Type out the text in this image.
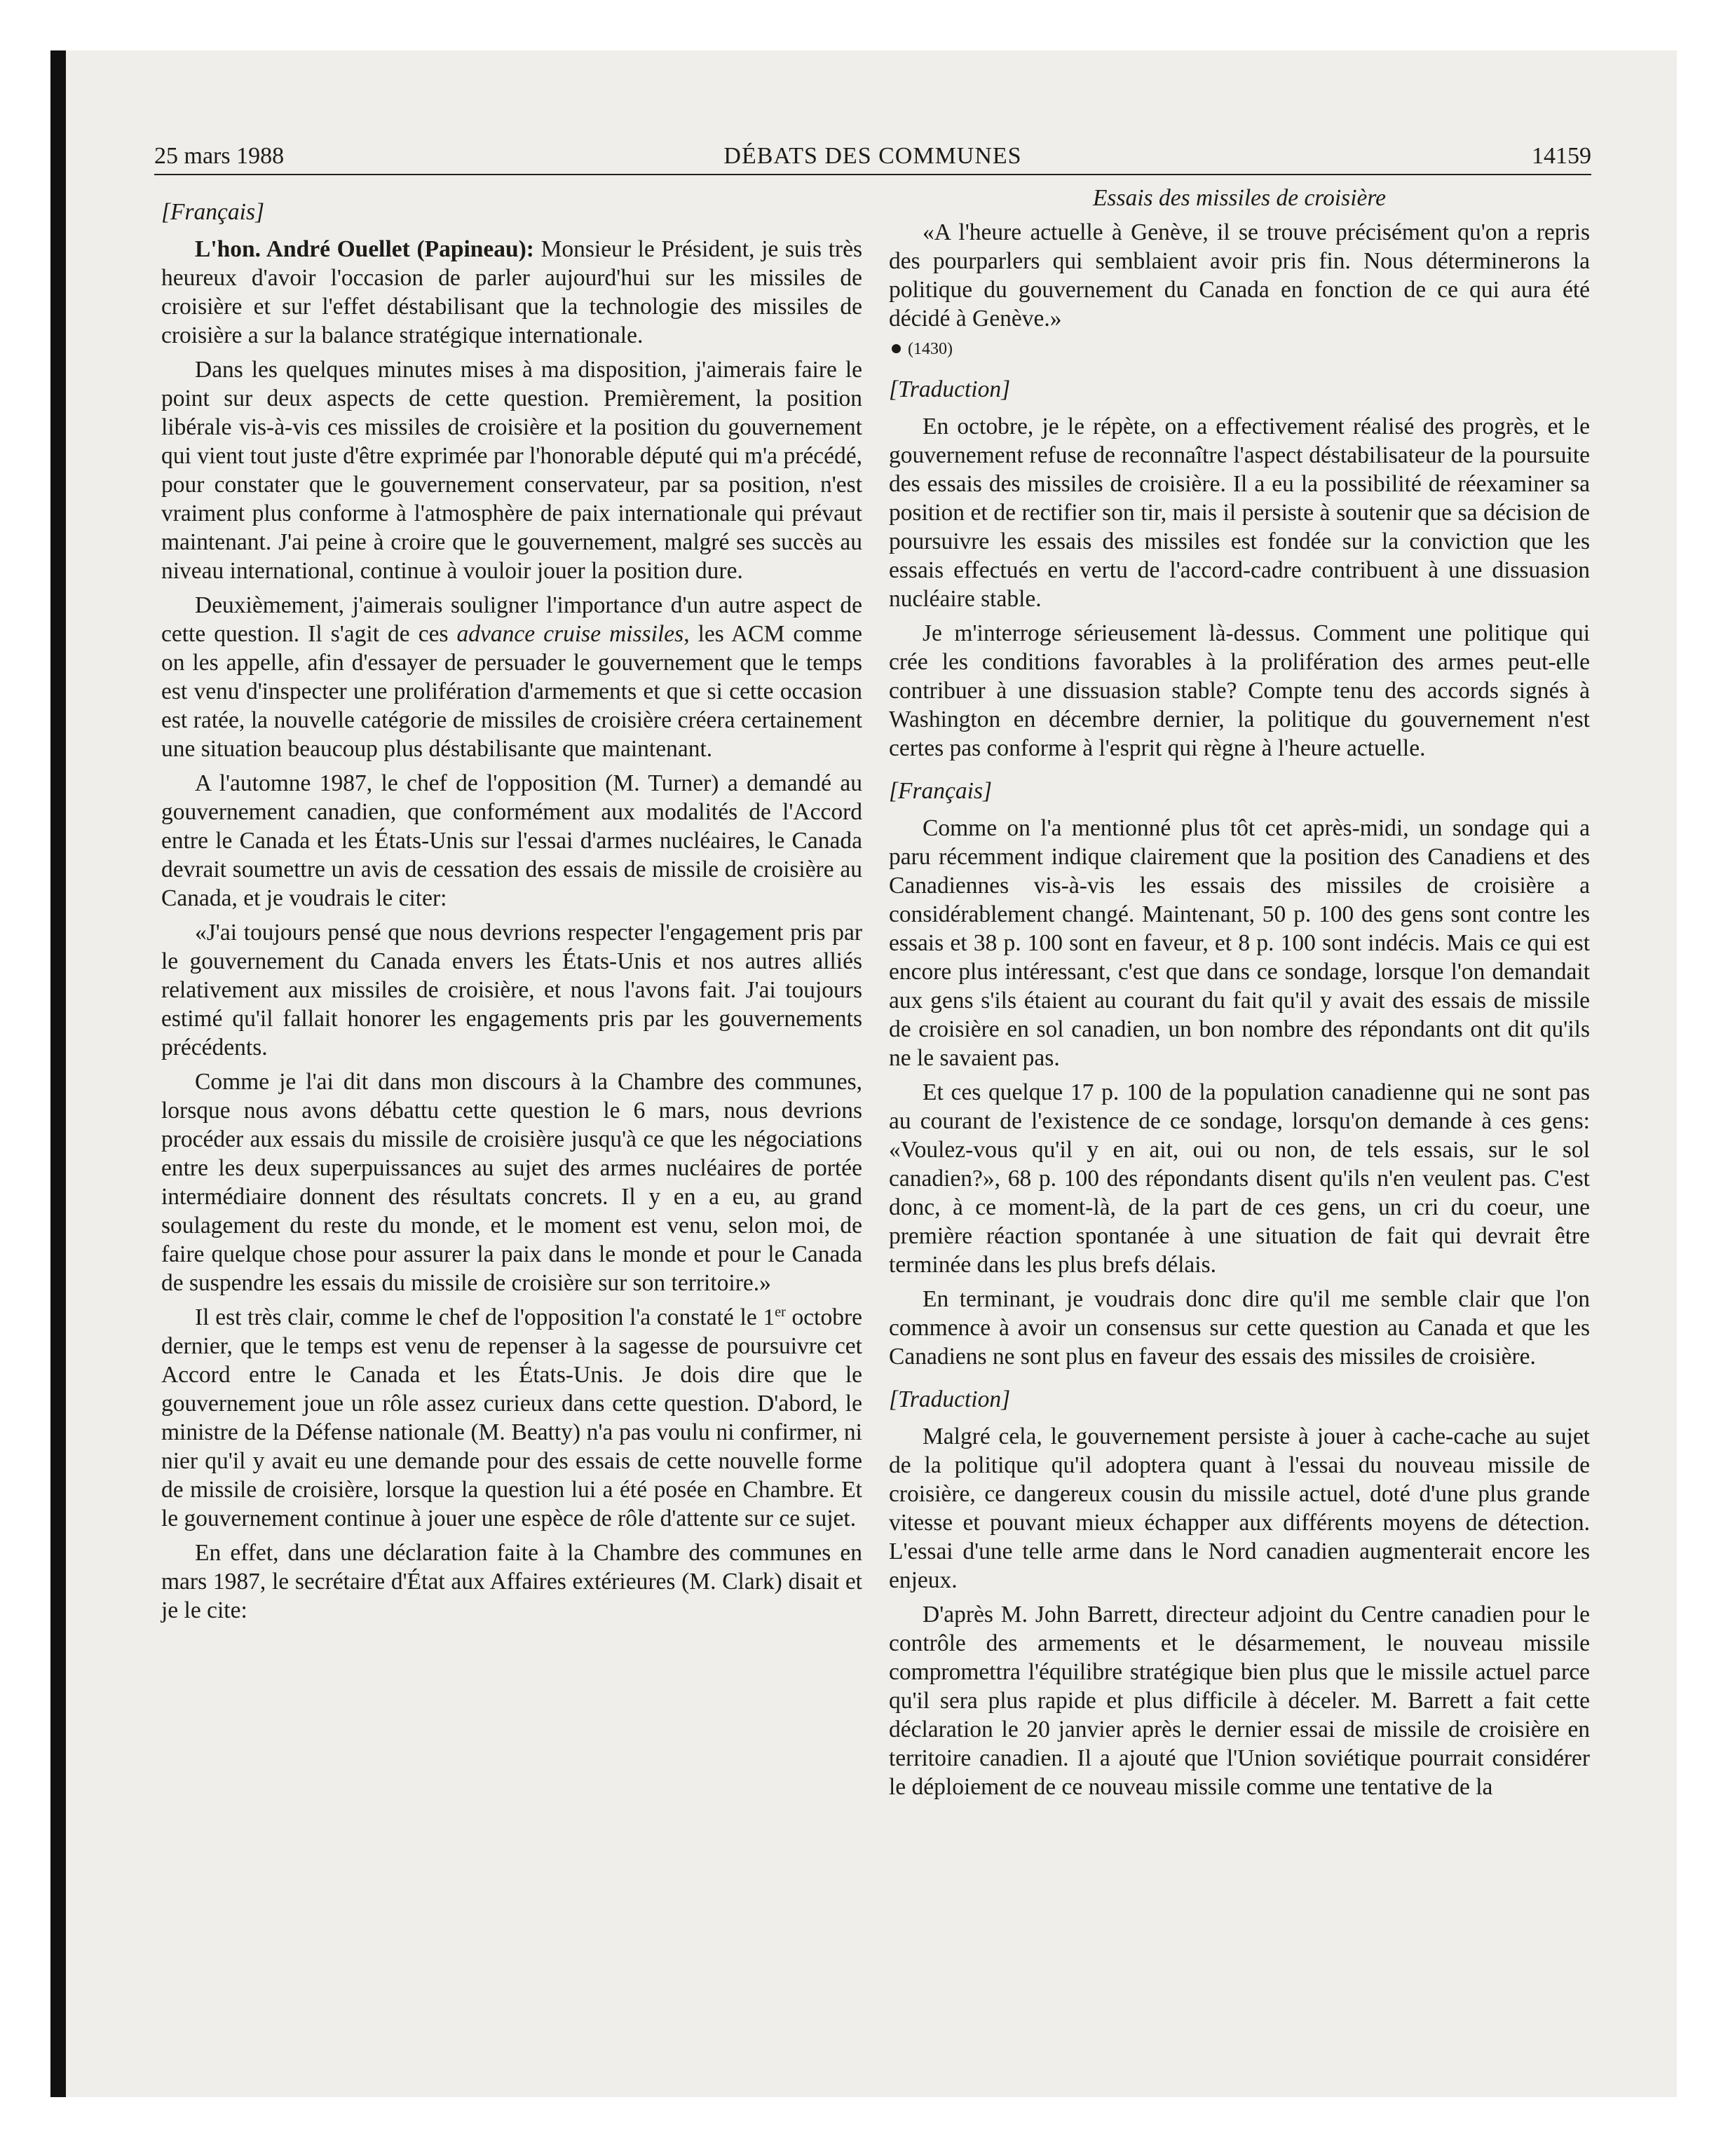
25 mars 1988	DÉBATS DES COMMUNES	14159

[Français]

L'hon. André Ouellet (Papineau): Monsieur le Président, je suis très heureux d'avoir l'occasion de parler aujourd'hui sur les missiles de croisière et sur l'effet déstabilisant que la technologie des missiles de croisière a sur la balance stratégique internationale.

Dans les quelques minutes mises à ma disposition, j'aimerais faire le point sur deux aspects de cette question. Premièrement, la position libérale vis-à-vis ces missiles de croisière et la position du gouvernement qui vient tout juste d'être exprimée par l'honorable député qui m'a précédé, pour constater que le gouvernement conservateur, par sa position, n'est vraiment plus conforme à l'atmosphère de paix internationale qui prévaut maintenant. J'ai peine à croire que le gouvernement, malgré ses succès au niveau international, continue à vouloir jouer la position dure.

Deuxièmement, j'aimerais souligner l'importance d'un autre aspect de cette question. Il s'agit de ces advance cruise missiles, les ACM comme on les appelle, afin d'essayer de persuader le gouvernement que le temps est venu d'inspecter une prolifération d'armements et que si cette occasion est ratée, la nouvelle catégorie de missiles de croisière créera certainement une situation beaucoup plus déstabilisante que maintenant.

A l'automne 1987, le chef de l'opposition (M. Turner) a demandé au gouvernement canadien, que conformément aux modalités de l'Accord entre le Canada et les États-Unis sur l'essai d'armes nucléaires, le Canada devrait soumettre un avis de cessation des essais de missile de croisière au Canada, et je voudrais le citer:

«J'ai toujours pensé que nous devrions respecter l'engagement pris par le gouvernement du Canada envers les États-Unis et nos autres alliés relativement aux missiles de croisière, et nous l'avons fait. J'ai toujours estimé qu'il fallait honorer les engagements pris par les gouvernements précédents.

Comme je l'ai dit dans mon discours à la Chambre des communes, lorsque nous avons débattu cette question le 6 mars, nous devrions procéder aux essais du missile de croisière jusqu'à ce que les négociations entre les deux superpuissances au sujet des armes nucléaires de portée intermédiaire donnent des résultats concrets. Il y en a eu, au grand soulagement du reste du monde, et le moment est venu, selon moi, de faire quelque chose pour assurer la paix dans le monde et pour le Canada de suspendre les essais du missile de croisière sur son territoire.»

Il est très clair, comme le chef de l'opposition l'a constaté le 1er octobre dernier, que le temps est venu de repenser à la sagesse de poursuivre cet Accord entre le Canada et les États-Unis. Je dois dire que le gouvernement joue un rôle assez curieux dans cette question. D'abord, le ministre de la Défense nationale (M. Beatty) n'a pas voulu ni confirmer, ni nier qu'il y avait eu une demande pour des essais de cette nouvelle forme de missile de croisière, lorsque la question lui a été posée en Chambre. Et le gouvernement continue à jouer une espèce de rôle d'attente sur ce sujet.

En effet, dans une déclaration faite à la Chambre des communes en mars 1987, le secrétaire d'État aux Affaires extérieures (M. Clark) disait et je le cite:

Essais des missiles de croisière

«A l'heure actuelle à Genève, il se trouve précisément qu'on a repris des pourparlers qui semblaient avoir pris fin. Nous déterminerons la politique du gouvernement du Canada en fonction de ce qui aura été décidé à Genève.»

(1430)

[Traduction]

En octobre, je le répète, on a effectivement réalisé des progrès, et le gouvernement refuse de reconnaître l'aspect déstabilisateur de la poursuite des essais des missiles de croisière. Il a eu la possibilité de réexaminer sa position et de rectifier son tir, mais il persiste à soutenir que sa décision de poursuivre les essais des missiles est fondée sur la conviction que les essais effectués en vertu de l'accord-cadre contribuent à une dissuasion nucléaire stable.

Je m'interroge sérieusement là-dessus. Comment une politique qui crée les conditions favorables à la prolifération des armes peut-elle contribuer à une dissuasion stable? Compte tenu des accords signés à Washington en décembre dernier, la politique du gouvernement n'est certes pas conforme à l'esprit qui règne à l'heure actuelle.

[Français]

Comme on l'a mentionné plus tôt cet après-midi, un sondage qui a paru récemment indique clairement que la position des Canadiens et des Canadiennes vis-à-vis les essais des missiles de croisière a considérablement changé. Maintenant, 50 p. 100 des gens sont contre les essais et 38 p. 100 sont en faveur, et 8 p. 100 sont indécis. Mais ce qui est encore plus intéressant, c'est que dans ce sondage, lorsque l'on demandait aux gens s'ils étaient au courant du fait qu'il y avait des essais de missile de croisière en sol canadien, un bon nombre des répondants ont dit qu'ils ne le savaient pas.

Et ces quelque 17 p. 100 de la population canadienne qui ne sont pas au courant de l'existence de ce sondage, lorsqu'on demande à ces gens: «Voulez-vous qu'il y en ait, oui ou non, de tels essais, sur le sol canadien?», 68 p. 100 des répondants disent qu'ils n'en veulent pas. C'est donc, à ce moment-là, de la part de ces gens, un cri du coeur, une première réaction spontanée à une situation de fait qui devrait être terminée dans les plus brefs délais.

En terminant, je voudrais donc dire qu'il me semble clair que l'on commence à avoir un consensus sur cette question au Canada et que les Canadiens ne sont plus en faveur des essais des missiles de croisière.

[Traduction]

Malgré cela, le gouvernement persiste à jouer à cache-cache au sujet de la politique qu'il adoptera quant à l'essai du nouveau missile de croisière, ce dangereux cousin du missile actuel, doté d'une plus grande vitesse et pouvant mieux échapper aux différents moyens de détection. L'essai d'une telle arme dans le Nord canadien augmenterait encore les enjeux.

D'après M. John Barrett, directeur adjoint du Centre canadien pour le contrôle des armements et le désarmement, le nouveau missile compromettra l'équilibre stratégique bien plus que le missile actuel parce qu'il sera plus rapide et plus difficile à déceler. M. Barrett a fait cette déclaration le 20 janvier après le dernier essai de missile de croisière en territoire canadien. Il a ajouté que l'Union soviétique pourrait considérer le déploiement de ce nouveau missile comme une tentative de la
